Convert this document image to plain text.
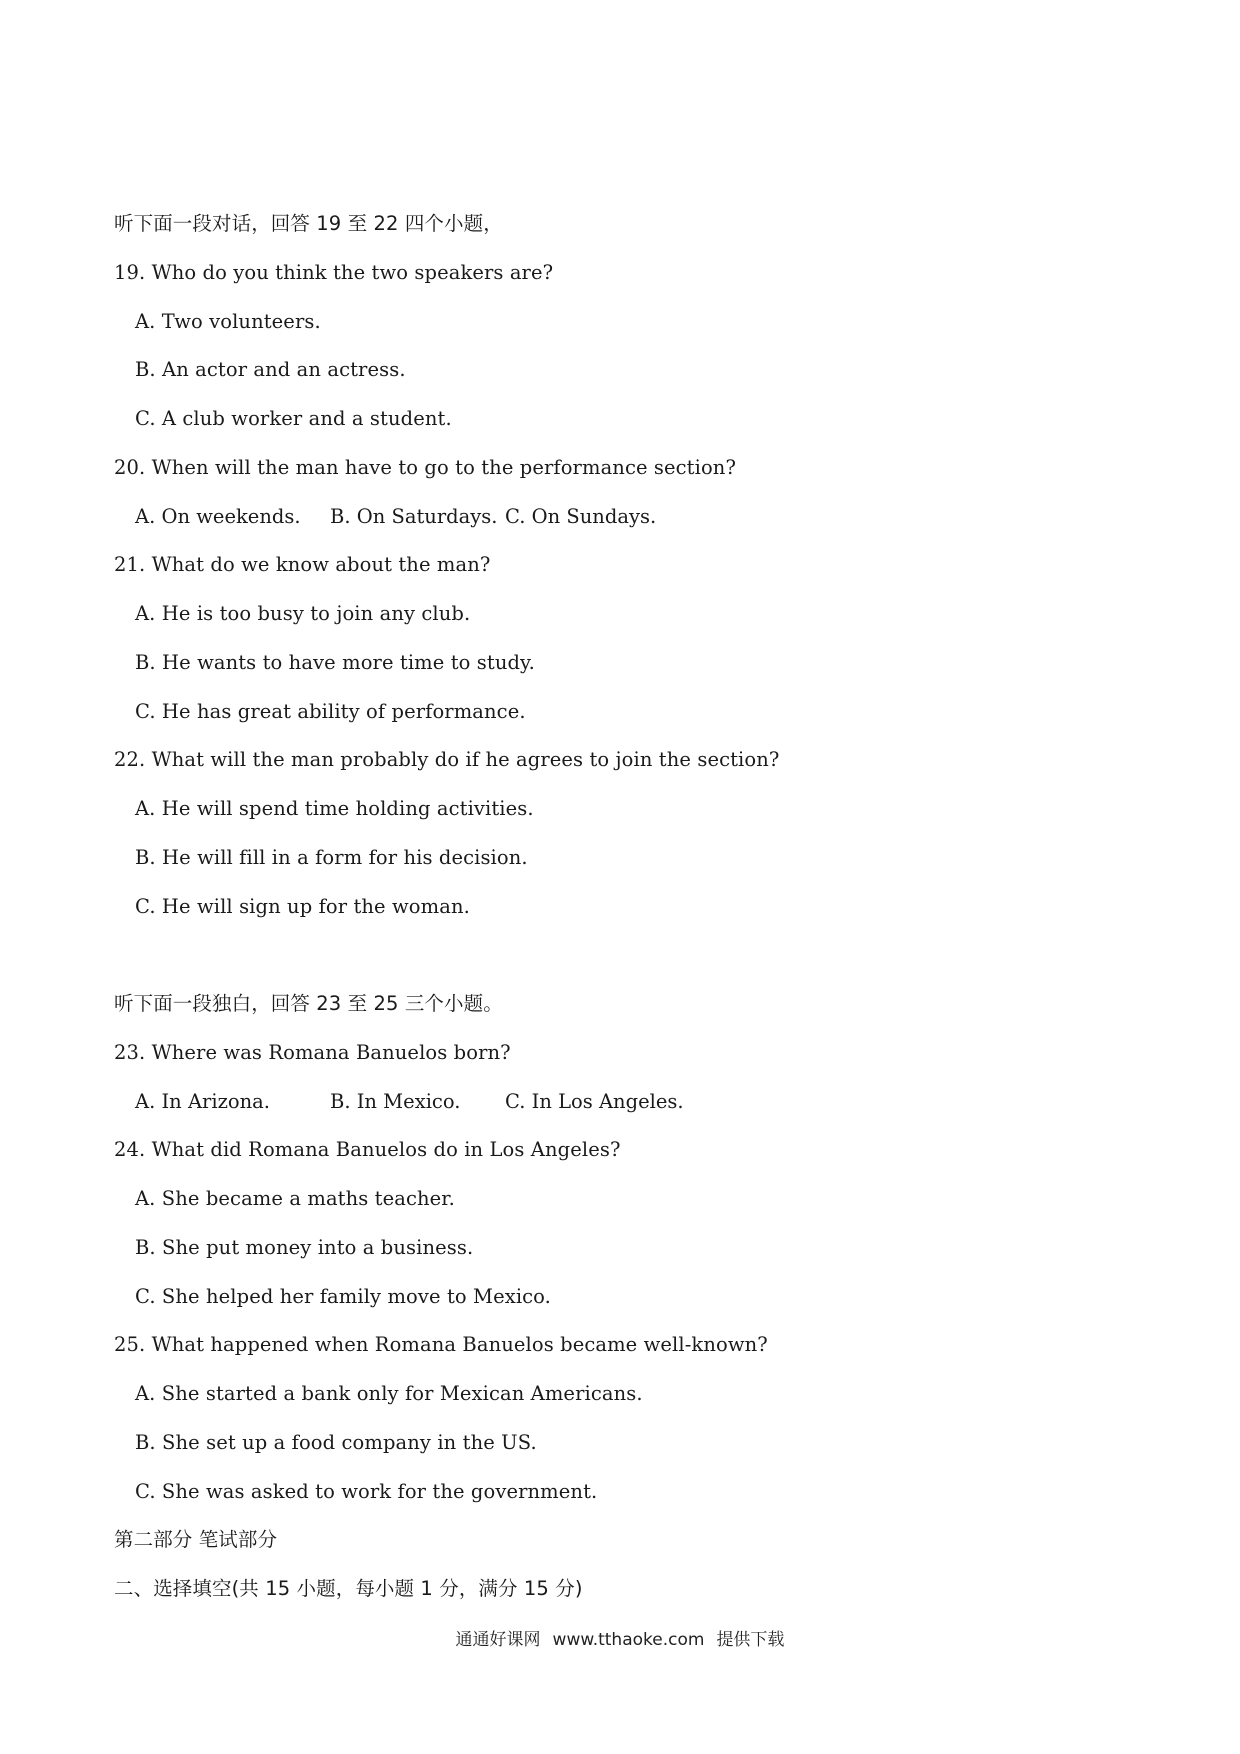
听下面一段对话，回答 19 至 22 四个小题，
19. Who do you think the two speakers are?
A. Two volunteers.
B. An actor and an actress.
C. A club worker and a student.
20. When will the man have to go to the performance section?
A. On weekends. B. On Saturdays. C. On Sundays.
21. What do we know about the man?
A. He is too busy to join any club.
B. He wants to have more time to study.
C. He has great ability of performance.
22. What will the man probably do if he agrees to join the section?
A. He will spend time holding activities.
B. He will fill in a form for his decision.
C. He will sign up for the woman.
听下面一段独白，回答 23 至 25 三个小题。
23. Where was Romana Banuelos born?
A. In Arizona.	B. In Mexico. C. In Los Angeles.
24. What did Romana Banuelos do in Los Angeles?
A. She became a maths teacher.
B. She put money into a business.
C. She helped her family move to Mexico.
25. What happened when Romana Banuelos became well-known?
A. She started a bank only for Mexican Americans.
B. She set up a food company in the US.
C. She was asked to work for the government.
第二部分 笔试部分
二、选择填空(共 15 小题，每小题 1 分，满分 15 分)
通通好课网 www.tthaoke.com 提供下载
